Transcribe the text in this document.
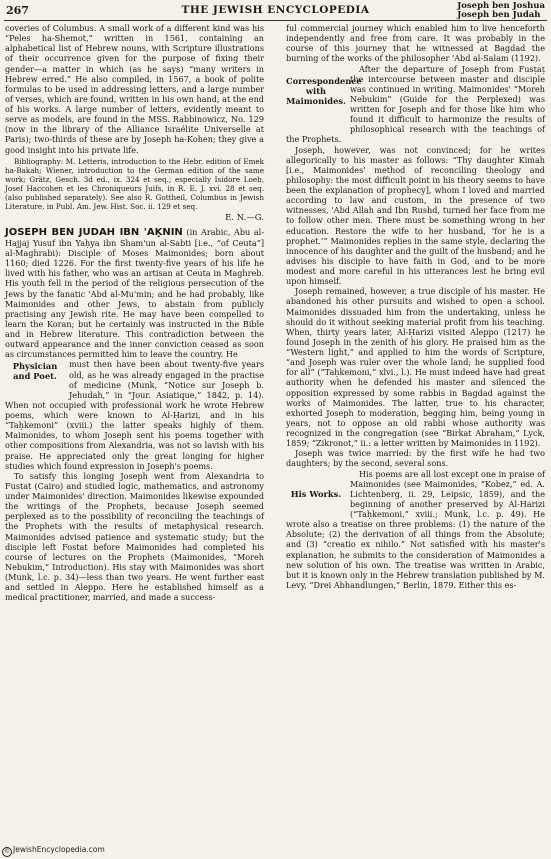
267	THE JEWISH ENCYCLOPEDIA	Joseph ben Joshua
Joseph ben Judah

coveries of Columbus. A small work of a different kind was his “Peles ha-Shemot,” written in 1561, containing an alphabetical list of Hebrew nouns, with Scripture illustrations of their occurrence given for the purpose of fixing their gender—a matter in which (as he says) “many writers in Hebrew erred.” He also compiled, in 1567, a book of polite formulas to be used in addressing letters, and a large number of verses, which are found, written in his own hand, at the end of his works. A large number of letters, evidently meant to serve as models, are found in the MSS. Rabbinowicz, No. 129 (now in the library of the Alliance Israélite Universelle at Paris); two-thirds of these are by Joseph ha-Kohen; they give a good insight into his private life.

Bibliography: M. Letteris, introduction to the Hebr. edition of Emek ha-Bakah; Wiener, introduction to the German edition of the same work; Grätz, Gesch. 3d ed., ix. 324 et seq.; especially Isidore Loeb, Josef Haccohen et les Chroniqueurs Juifs, in R. E. J. xvi. 28 et seq. (also published separately). See also R. Gottheil, Columbus in Jewish Literature, in Publ. Am. Jew. Hist. Soc. ii. 129 et seq.

E. N.—G.

JOSEPH BEN JUDAH IBN 'AḲNIN (in Arabic, Abu al-Hajjaj Yusuf ibn Yaḥya ibn Sham'un al-Sabti [i.e., “of Ceuta”] al-Maghrabi): Disciple of Moses Maimonides; born about 1160; died 1226. For the first twenty-five years of his life he lived with his father, who was an artisan at Ceuta in Maghreb. His youth fell in the period of the religious persecution of the Jews by the fanatic 'Abd al-Mu'min; and he had probably, like Maimonides and other Jews, to abstain from publicly practising any Jewish rite. He may have been compelled to learn the Koran; but he certainly was instructed in the Bible and in Hebrew literature. This contradiction between the outward appearance and the inner conviction ceased as soon as circumstances permitted him to leave the country. He

Physician and Poet.

must then have been about twenty-five years old, as he was already engaged in the practise of medicine (Munk, “Notice sur Joseph b. Jehudah,” in “Jour. Asiatique,” 1842, p. 14). When not occupied with professional work he wrote Hebrew poems, which were known to Al-Ḥarizi, and in his “Taḥkemoni” (xviii.) the latter speaks highly of them. Maimonides, to whom Joseph sent his poems together with other compositions from Alexandria, was not so lavish with his praise. He appreciated only the great longing for higher studies which found expression in Joseph's poems.

To satisfy this longing Joseph went from Alexandria to Fustat (Cairo) and studied logic, mathematics, and astronomy under Maimonides' direction. Maimonides likewise expounded the writings of the Prophets, because Joseph seemed perplexed as to the possibility of reconciling the teachings of the Prophets with the results of metaphysical research. Maimonides advised patience and systematic study; but the disciple left Fostat before Maimonides had completed his course of lectures on the Prophets (Maimonides, “Moreh Nebukim,” Introduction). His stay with Maimonides was short (Munk, l.c. p. 34)—less than two years. He went further east and settled in Aleppo. Here he established himself as a medical practitioner, married, and made a success-

ful commercial journey which enabled him to live henceforth independently and free from care. It was probably in the course of this journey that he witnessed at Bagdad the burning of the works of the philosopher 'Abd al-Salam (1192).

Correspondence with Maimonides.

After the departure of Joseph from Fusṭaṭ the intercourse between master and disciple was continued in writing. Maimonides' “Moreh Nebukim” (Guide for the Perplexed) was written for Joseph and for those like him who found it difficult to harmonize the results of philosophical research with the teachings of the Prophets.

Joseph, however, was not convinced; for he writes allegorically to his master as follows: “Thy daughter Kimah [i.e., Maimonides' method of reconciling theology and philosophy: the most difficult point in his theory seems to have been the explanation of prophecy], whom I loved and married according to law and custom, in the presence of two witnesses, 'Abd Allah and Ibn Rushd, turned her face from me to follow other men. There must be something wrong in her education. Restore the wife to her husband, ‘for he is a prophet.’” Maimonides replies in the same style, declaring the innocence of his daughter and the guilt of the husband; and he advises his disciple to have faith in God, and to be more modest and more careful in his utterances lest he bring evil upon himself.

Joseph remained, however, a true disciple of his master. He abandoned his other pursuits and wished to open a school. Maimonides dissuaded him from the undertaking, unless he should do it without seeking material profit from his teaching. When, thirty years later, Al-Ḥarizi visited Aleppo (1217) he found Joseph in the zenith of his glory. He praised him as the “Western light,” and applied to him the words of Scripture, “and Joseph was ruler over the whole land; he supplied food for all” (“Taḥkemoni,” xlvi., l.). He must indeed have had great authority when he defended his master and silenced the opposition expressed by some rabbis in Bagdad against the works of Maimonides. The latter, true to his character, exhorted Joseph to moderation, begging him, being young in years, not to oppose an old rabbi whose authority was recognized in the congregation (see “Birkat Abraham,” Lyck, 1859; “Zikronot,” ii.: a letter written by Maimonides in 1192).

Joseph was twice married: by the first wife he had two daughters; by the second, several sons.

His Works.

His poems are all lost except one in praise of Maimonides (see Maimonides, “Kobez,” ed. A. Lichtenberg, ii. 29, Leipsic, 1859), and the beginning of another preserved by Al-Harizi (“Taḥkemoni,” xviii.; Munk, l.c. p. 49). He wrote also a treatise on three problems: (1) the nature of the Absolute; (2) the derivation of all things from the Absolute; and (3) “creatio ex nihilo.” Not satisfied with his master's explanation, he submits to the consideration of Maimonides a new solution of his own. The treatise was written in Arabic, but it is known only in the Hebrew translation published by M. Levy, “Drei Abhandlungen,” Berlin, 1879. Either this es-

© JewishEncyclopedia.com
